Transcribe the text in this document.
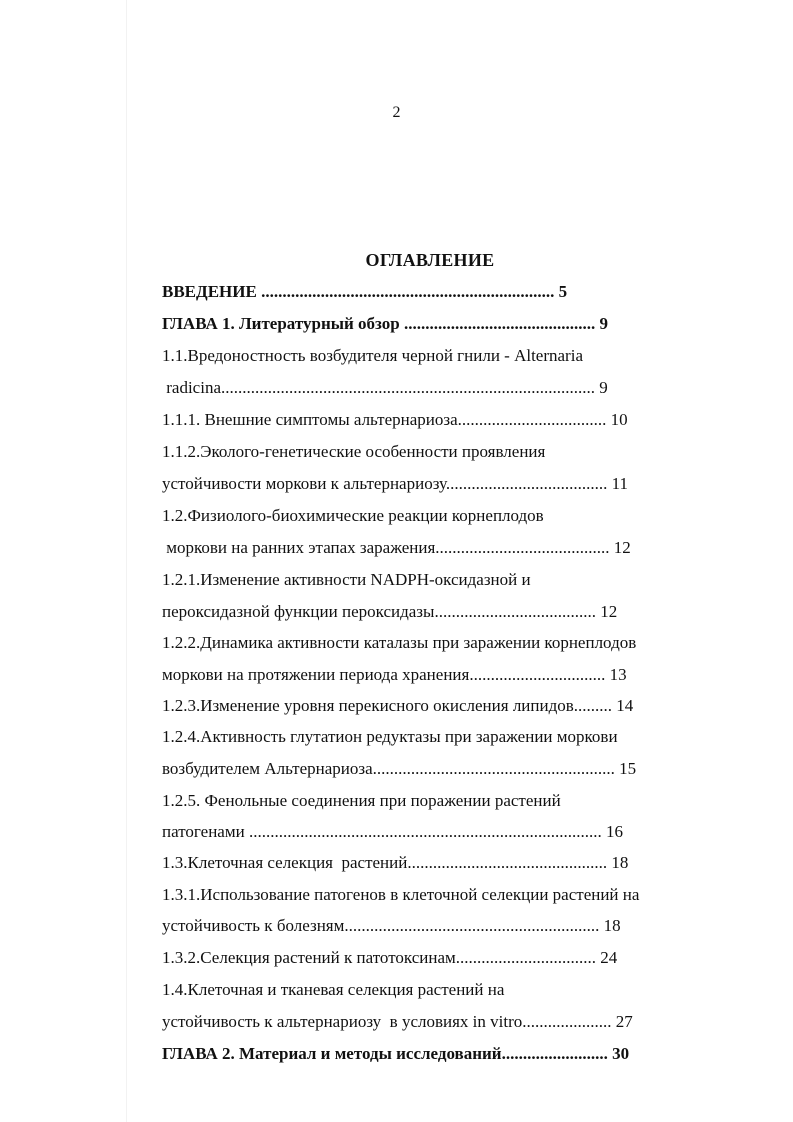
2
ОГЛАВЛЕНИЕ
ВВЕДЕНИЕ ..................................................................... 5
ГЛАВА 1. Литературный обзор ............................................. 9
1.1.Вредоностность возбудителя черной гнили - Alternaria
radicina........................................................................................ 9
1.1.1. Внешние симптомы альтернариоза................................... 10
1.1.2.Эколого-генетические особенности проявления
устойчивости моркови к альтернариозу...................................... 11
1.2.Физиолого-биохимические реакции корнеплодов
моркови на ранних этапах заражения......................................... 12
1.2.1.Изменение активности NADPH-оксидазной и
пероксидазной функции пероксидазы...................................... 12
1.2.2.Динамика активности каталазы при заражении корнеплодов
моркови на протяжении периода хранения................................ 13
1.2.3.Изменение уровня перекисного окисления липидов......... 14
1.2.4.Активность глутатион редуктазы при заражении моркови
возбудителем Альтернариоза......................................................... 15
1.2.5. Фенольные соединения при поражении растений
патогенами ................................................................................... 16
1.3.Клеточная селекция  растений............................................... 18
1.3.1.Использование патогенов в клеточной селекции растений на
устойчивость к болезням............................................................ 18
1.3.2.Селекция растений к патотоксинам................................. 24
1.4.Клеточная и тканевая селекция растений на
устойчивость к альтернариозу  в условиях in vitro..................... 27
ГЛАВА 2. Материал и методы исследований......................... 30
